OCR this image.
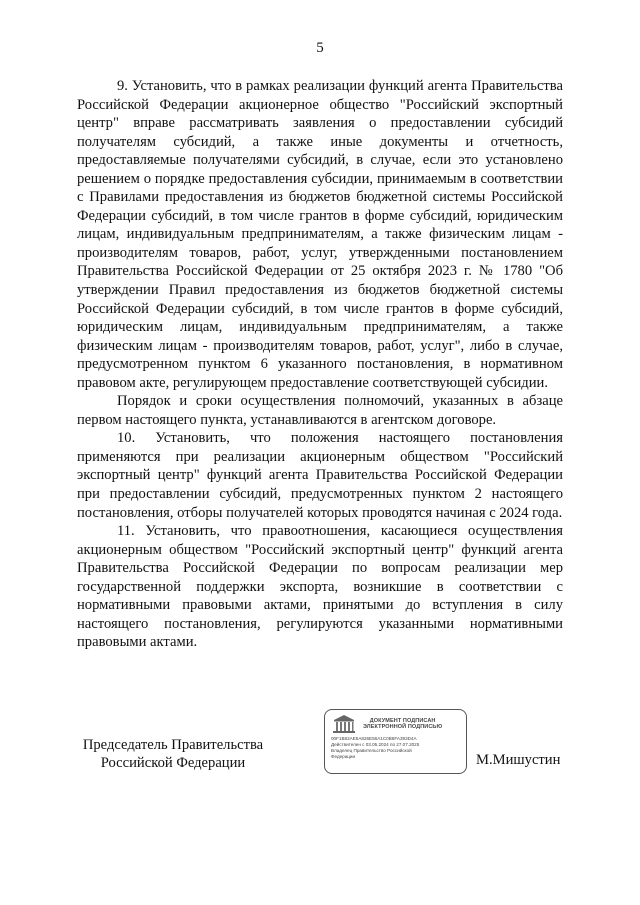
5

9. Установить, что в рамках реализации функций агента Правительства Российской Федерации акционерное общество "Российский экспортный центр" вправе рассматривать заявления о предоставлении субсидий получателям субсидий, а также иные документы и отчетность, предоставляемые получателями субсидий, в случае, если это установлено решением о порядке предоставления субсидии, принимаемым в соответствии с Правилами предоставления из бюджетов бюджетной системы Российской Федерации субсидий, в том числе грантов в форме субсидий, юридическим лицам, индивидуальным предпринимателям, а также физическим лицам - производителям товаров, работ, услуг, утвержденными постановлением Правительства Российской Федерации от 25 октября 2023 г. № 1780 "Об утверждении Правил предоставления из бюджетов бюджетной системы Российской Федерации субсидий, в том числе грантов в форме субсидий, юридическим лицам, индивидуальным предпринимателям, а также физическим лицам - производителям товаров, работ, услуг", либо в случае, предусмотренном пунктом 6 указанного постановления, в нормативном правовом акте, регулирующем предоставление соответствующей субсидии.

Порядок и сроки осуществления полномочий, указанных в абзаце первом настоящего пункта, устанавливаются в агентском договоре.

10. Установить, что положения настоящего постановления применяются при реализации акционерным обществом "Российский экспортный центр" функций агента Правительства Российской Федерации при предоставлении субсидий, предусмотренных пунктом 2 настоящего постановления, отборы получателей которых проводятся начиная с 2024 года.

11. Установить, что правоотношения, касающиеся осуществления акционерным обществом "Российский экспортный центр" функций агента Правительства Российской Федерации по вопросам реализации мер государственной поддержки экспорта, возникшие в соответствии с нормативными правовыми актами, принятыми до вступления в силу настоящего постановления, регулируются указанными нормативными правовыми актами.

Председатель Правительства
Российской Федерации
ДОКУМЕНТ ПОДПИСАН
ЭЛЕКТРОННОЙ ПОДПИСЬЮ
00F1B82AE5A826E56A1C0B6FA393D4A
Действителен с 03.05.2024 по 27.07.2025
Владелец Правительство Российской
Федерации	М.Мишустин
